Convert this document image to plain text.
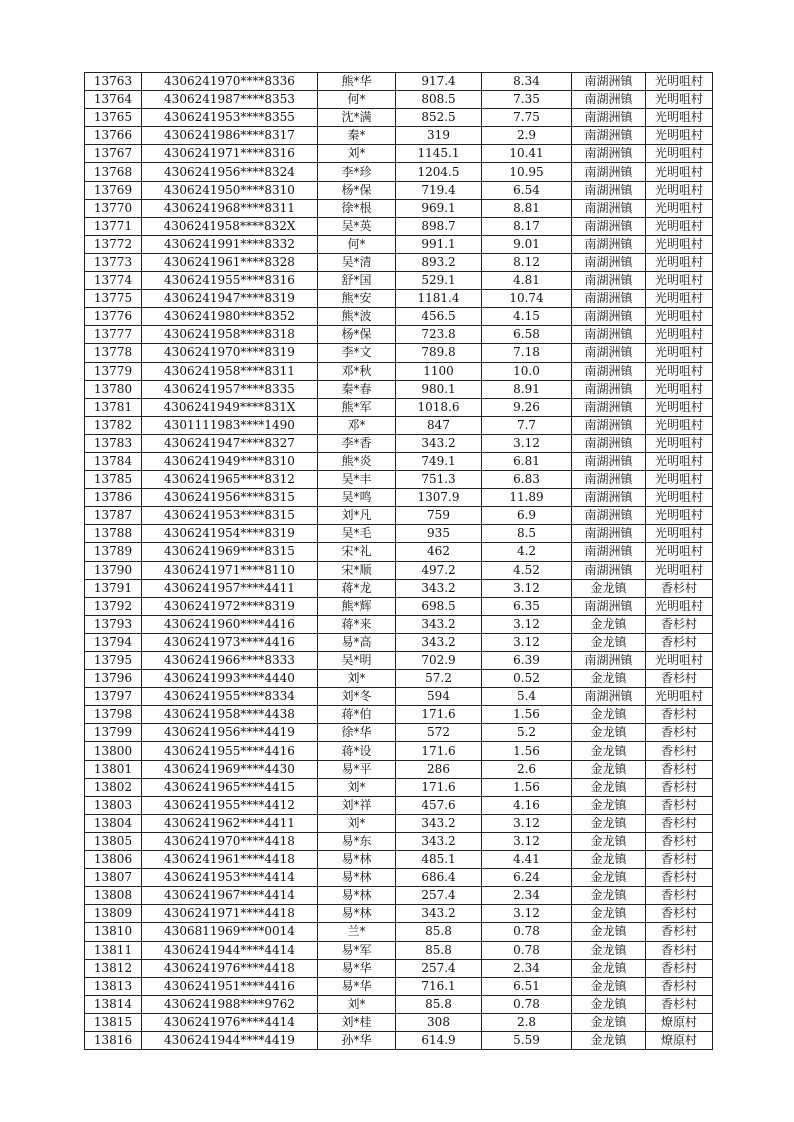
13763	4306241970****8336	熊*华	917.4	8.34	南湖洲镇	光明咀村
13764	4306241987****8353	何*	808.5	7.35	南湖洲镇	光明咀村
13765	4306241953****8355	沈*满	852.5	7.75	南湖洲镇	光明咀村
13766	4306241986****8317	秦*	319	2.9	南湖洲镇	光明咀村
13767	4306241971****8316	刘*	1145.1	10.41	南湖洲镇	光明咀村
13768	4306241956****8324	李*珍	1204.5	10.95	南湖洲镇	光明咀村
13769	4306241950****8310	杨*保	719.4	6.54	南湖洲镇	光明咀村
13770	4306241968****8311	徐*根	969.1	8.81	南湖洲镇	光明咀村
13771	4306241958****832X	吴*英	898.7	8.17	南湖洲镇	光明咀村
13772	4306241991****8332	何*	991.1	9.01	南湖洲镇	光明咀村
13773	4306241961****8328	吴*清	893.2	8.12	南湖洲镇	光明咀村
13774	4306241955****8316	舒*国	529.1	4.81	南湖洲镇	光明咀村
13775	4306241947****8319	熊*安	1181.4	10.74	南湖洲镇	光明咀村
13776	4306241980****8352	熊*波	456.5	4.15	南湖洲镇	光明咀村
13777	4306241958****8318	杨*保	723.8	6.58	南湖洲镇	光明咀村
13778	4306241970****8319	李*文	789.8	7.18	南湖洲镇	光明咀村
13779	4306241958****8311	邓*秋	1100	10.0	南湖洲镇	光明咀村
13780	4306241957****8335	秦*春	980.1	8.91	南湖洲镇	光明咀村
13781	4306241949****831X	熊*军	1018.6	9.26	南湖洲镇	光明咀村
13782	4301111983****1490	邓*	847	7.7	南湖洲镇	光明咀村
13783	4306241947****8327	李*香	343.2	3.12	南湖洲镇	光明咀村
13784	4306241949****8310	熊*炎	749.1	6.81	南湖洲镇	光明咀村
13785	4306241965****8312	吴*丰	751.3	6.83	南湖洲镇	光明咀村
13786	4306241956****8315	吴*鸣	1307.9	11.89	南湖洲镇	光明咀村
13787	4306241953****8315	刘*凡	759	6.9	南湖洲镇	光明咀村
13788	4306241954****8319	吴*毛	935	8.5	南湖洲镇	光明咀村
13789	4306241969****8315	宋*礼	462	4.2	南湖洲镇	光明咀村
13790	4306241971****8110	宋*顺	497.2	4.52	南湖洲镇	光明咀村
13791	4306241957****4411	蒋*龙	343.2	3.12	金龙镇	香杉村
13792	4306241972****8319	熊*辉	698.5	6.35	南湖洲镇	光明咀村
13793	4306241960****4416	蒋*来	343.2	3.12	金龙镇	香杉村
13794	4306241973****4416	易*高	343.2	3.12	金龙镇	香杉村
13795	4306241966****8333	吴*明	702.9	6.39	南湖洲镇	光明咀村
13796	4306241993****4440	刘*	57.2	0.52	金龙镇	香杉村
13797	4306241955****8334	刘*冬	594	5.4	南湖洲镇	光明咀村
13798	4306241958****4438	蒋*伯	171.6	1.56	金龙镇	香杉村
13799	4306241956****4419	徐*华	572	5.2	金龙镇	香杉村
13800	4306241955****4416	蒋*设	171.6	1.56	金龙镇	香杉村
13801	4306241969****4430	易*平	286	2.6	金龙镇	香杉村
13802	4306241965****4415	刘*	171.6	1.56	金龙镇	香杉村
13803	4306241955****4412	刘*祥	457.6	4.16	金龙镇	香杉村
13804	4306241962****4411	刘*	343.2	3.12	金龙镇	香杉村
13805	4306241970****4418	易*东	343.2	3.12	金龙镇	香杉村
13806	4306241961****4418	易*林	485.1	4.41	金龙镇	香杉村
13807	4306241953****4414	易*林	686.4	6.24	金龙镇	香杉村
13808	4306241967****4414	易*林	257.4	2.34	金龙镇	香杉村
13809	4306241971****4418	易*林	343.2	3.12	金龙镇	香杉村
13810	4306811969****0014	兰*	85.8	0.78	金龙镇	香杉村
13811	4306241944****4414	易*军	85.8	0.78	金龙镇	香杉村
13812	4306241976****4418	易*华	257.4	2.34	金龙镇	香杉村
13813	4306241951****4416	易*华	716.1	6.51	金龙镇	香杉村
13814	4306241988****9762	刘*	85.8	0.78	金龙镇	香杉村
13815	4306241976****4414	刘*桂	308	2.8	金龙镇	燎原村
13816	4306241944****4419	孙*华	614.9	5.59	金龙镇	燎原村
